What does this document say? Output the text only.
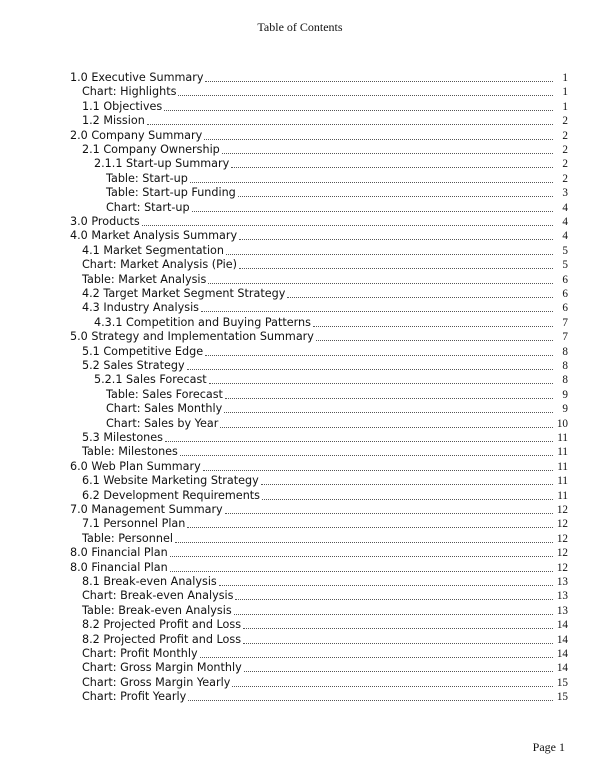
Table of Contents
1.0 Executive Summary	1
Chart: Highlights	1
1.1 Objectives	1
1.2 Mission	2
2.0 Company Summary	2
2.1 Company Ownership	2
2.1.1 Start-up Summary	2
Table: Start-up	2
Table: Start-up Funding	3
Chart: Start-up	4
3.0 Products	4
4.0 Market Analysis Summary	4
4.1 Market Segmentation	5
Chart: Market Analysis (Pie)	5
Table: Market Analysis	6
4.2 Target Market Segment Strategy	6
4.3 Industry Analysis	6
4.3.1 Competition and Buying Patterns	7
5.0 Strategy and Implementation Summary	7
5.1 Competitive Edge	8
5.2 Sales Strategy	8
5.2.1 Sales Forecast	8
Table: Sales Forecast	9
Chart: Sales Monthly	9
Chart: Sales by Year	10
5.3 Milestones	11
Table: Milestones	11
6.0 Web Plan Summary	11
6.1 Website Marketing Strategy	11
6.2 Development Requirements	11
7.0 Management Summary	12
7.1 Personnel Plan	12
Table: Personnel	12
8.0 Financial Plan	12
8.0 Financial Plan	12
8.1 Break-even Analysis	13
Chart: Break-even Analysis	13
Table: Break-even Analysis	13
8.2 Projected Profit and Loss	14
8.2 Projected Profit and Loss	14
Chart: Profit Monthly	14
Chart: Gross Margin Monthly	14
Chart: Gross Margin Yearly	15
Chart: Profit Yearly	15
Page 1
